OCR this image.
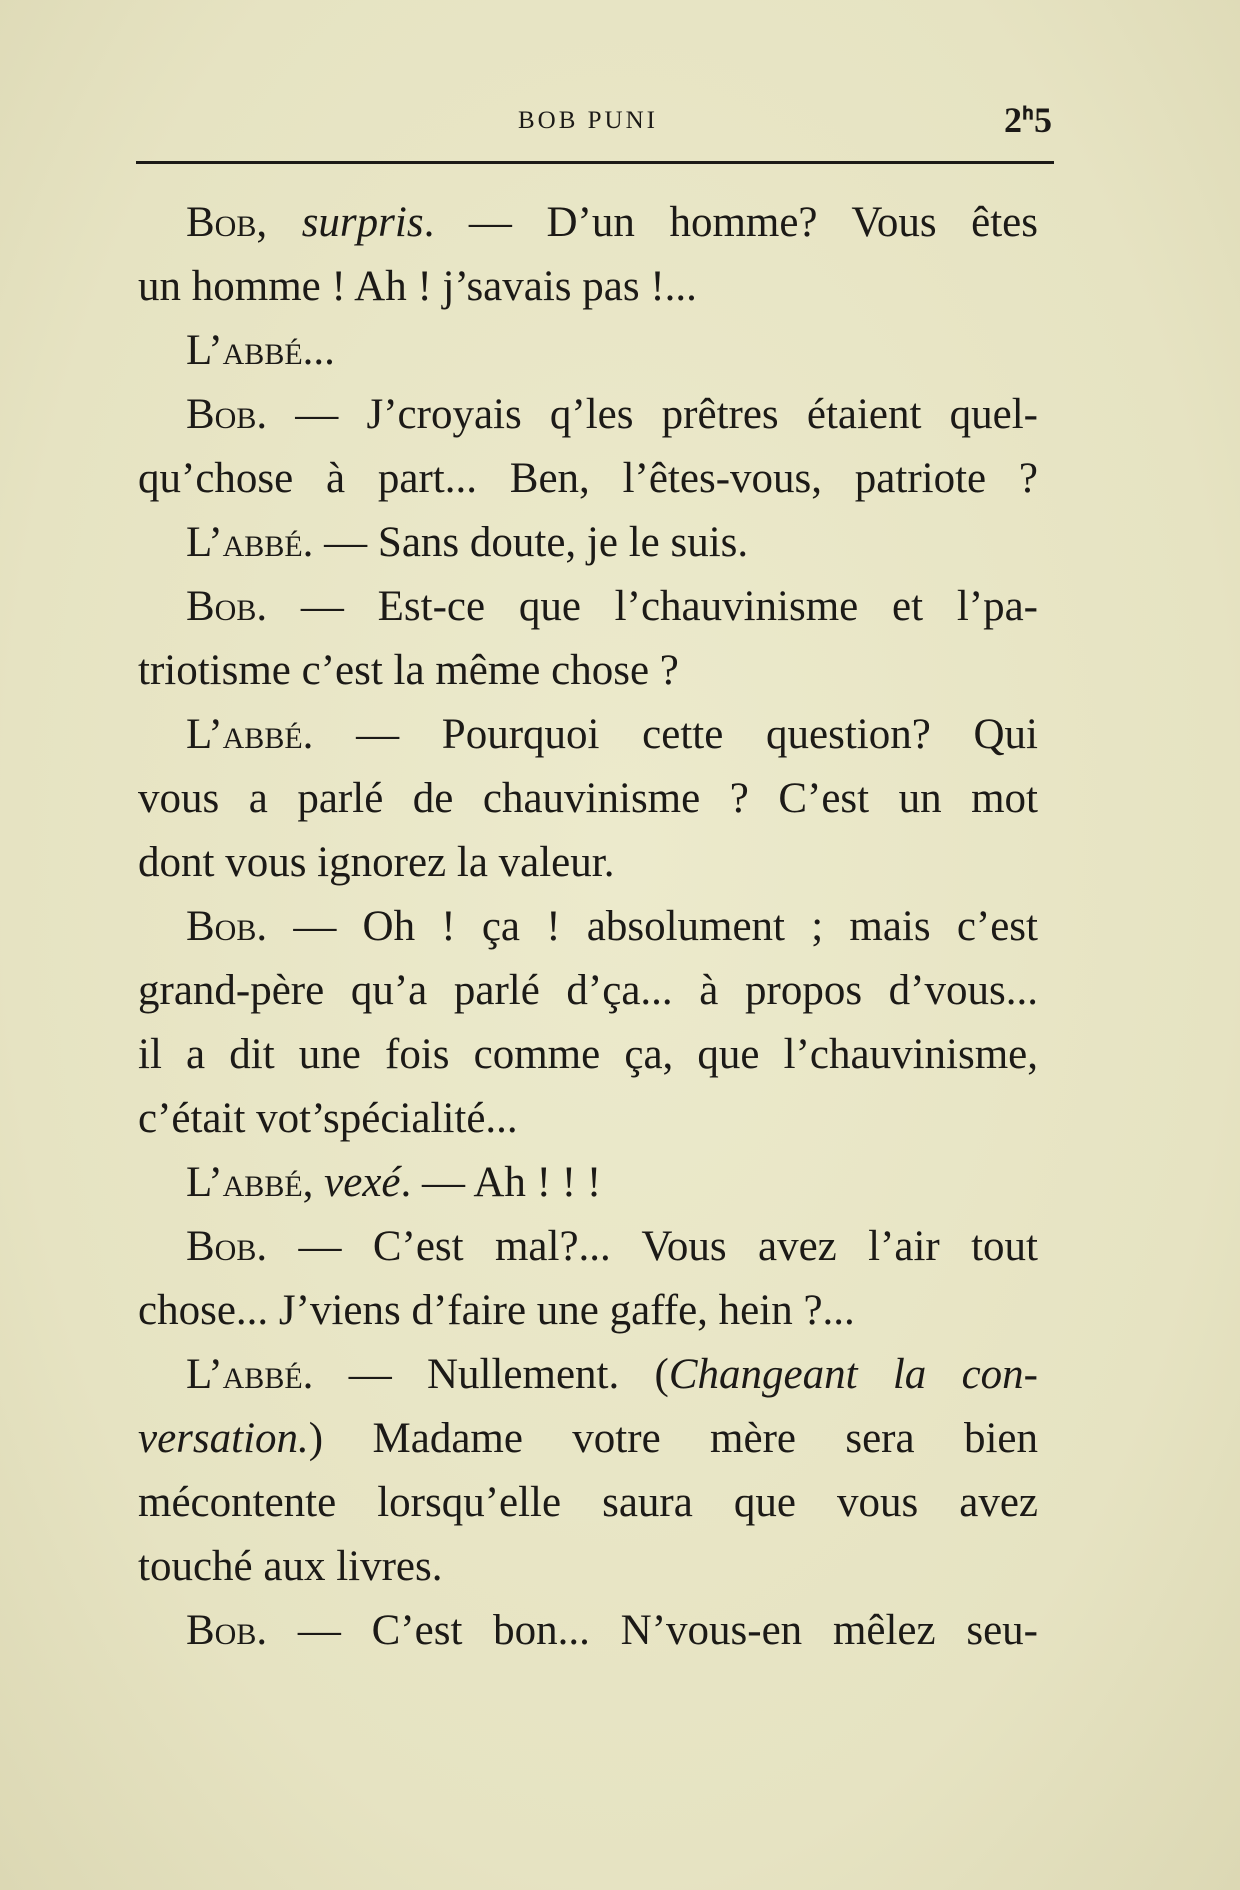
BOB PUNI	2ᑋ5
Bob, surpris. — D’un homme? Vous êtes
un homme ! Ah ! j’savais pas !...
L’abbé...
Bob. — J’croyais q’les prêtres étaient quel-
qu’chose à part... Ben, l’êtes-vous, patriote ?
L’abbé. — Sans doute, je le suis.
Bob. — Est-ce que l’chauvinisme et l’pa-
triotisme c’est la même chose ?
L’abbé. — Pourquoi cette question? Qui
vous a parlé de chauvinisme ? C’est un mot
dont vous ignorez la valeur.
Bob. — Oh ! ça ! absolument ; mais c’est
grand-père qu’a parlé d’ça... à propos d’vous...
il a dit une fois comme ça, que l’chauvinisme,
c’était vot’spécialité...
L’abbé, vexé. — Ah ! ! !
Bob. — C’est mal?... Vous avez l’air tout
chose... J’viens d’faire une gaffe, hein ?...
L’abbé. — Nullement. (Changeant la con-
versation.) Madame votre mère sera bien
mécontente lorsqu’elle saura que vous avez
touché aux livres.
Bob. — C’est bon... N’vous-en mêlez seu-
